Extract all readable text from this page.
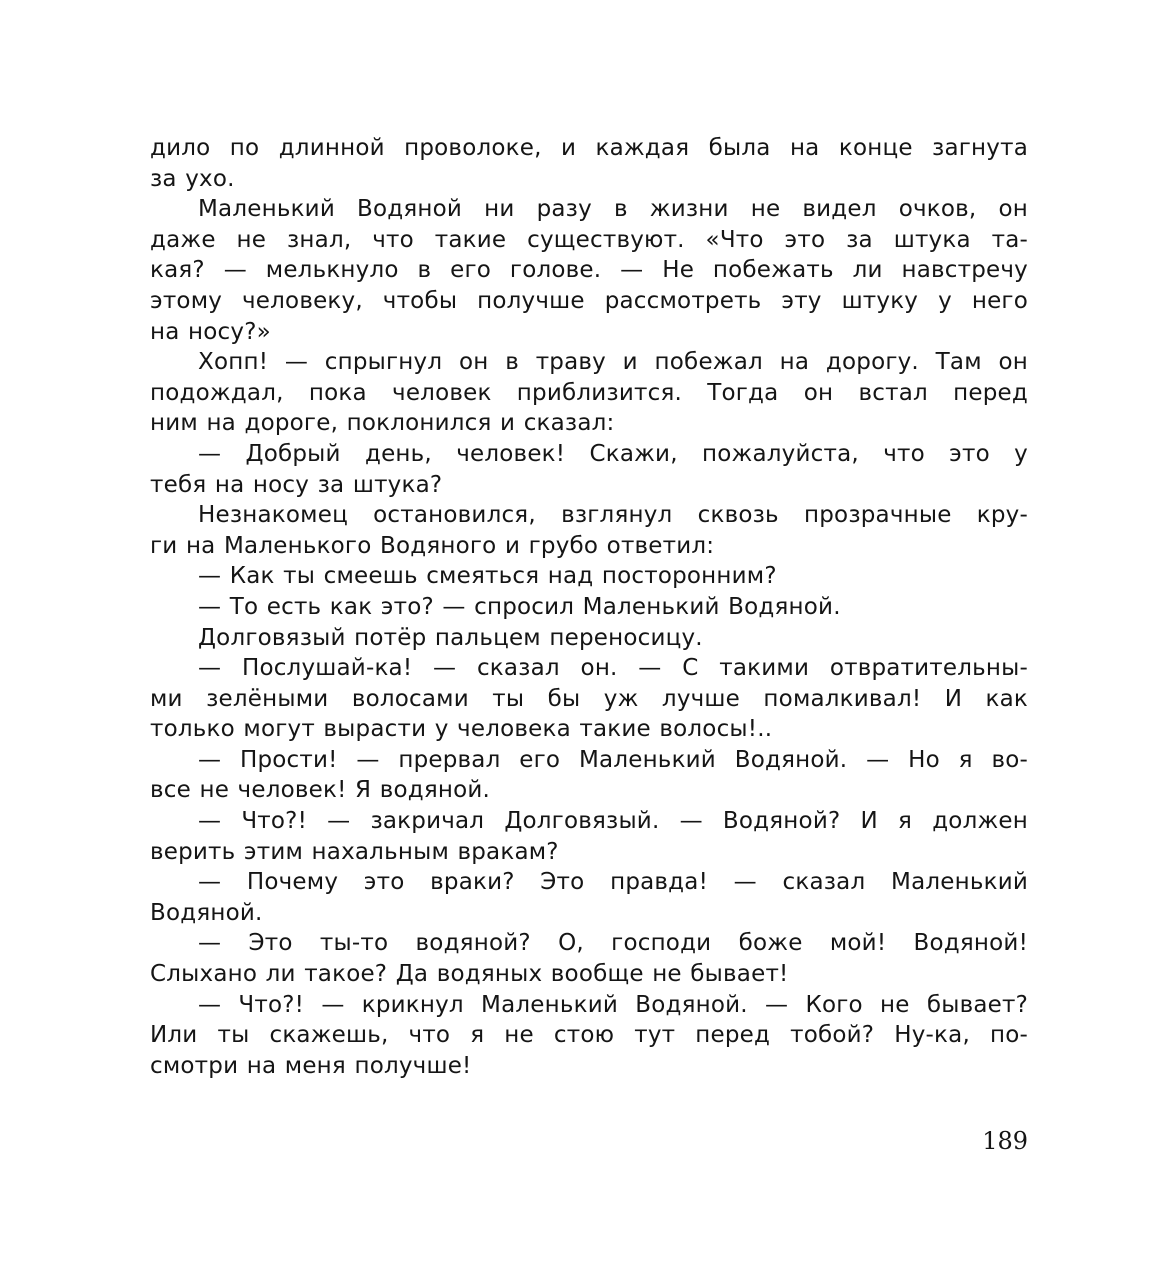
дило по длинной проволоке, и каждая была на конце загнута
за ухо.
Маленький Водяной ни разу в жизни не видел очков, он
даже не знал, что такие существуют. «Что это за штука та-
кая? — мелькнуло в его голове. — Не побежать ли навстречу
этому человеку, чтобы получше рассмотреть эту штуку у него
на носу?»
Хопп! — спрыгнул он в траву и побежал на дорогу. Там он
подождал, пока человек приблизится. Тогда он встал перед
ним на дороге, поклонился и сказал:
— Добрый день, человек! Скажи, пожалуйста, что это у
тебя на носу за штука?
Незнакомец остановился, взглянул сквозь прозрачные кру-
ги на Маленького Водяного и грубо ответил:
— Как ты смеешь смеяться над посторонним?
— То есть как это? — спросил Маленький Водяной.
Долговязый потёр пальцем переносицу.
— Послушай-ка! — сказал он. — С такими отвратительны-
ми зелёными волосами ты бы уж лучше помалкивал! И как
только могут вырасти у человека такие волосы!..
— Прости! — прервал его Маленький Водяной. — Но я во-
все не человек! Я водяной.
— Что?! — закричал Долговязый. — Водяной? И я должен
верить этим нахальным вракам?
— Почему это враки? Это правда! — сказал Маленький
Водяной.
— Это ты-то водяной? О, господи боже мой! Водяной!
Слыхано ли такое? Да водяных вообще не бывает!
— Что?! — крикнул Маленький Водяной. — Кого не бывает?
Или ты скажешь, что я не стою тут перед тобой? Ну-ка, по-
смотри на меня получше!
189
